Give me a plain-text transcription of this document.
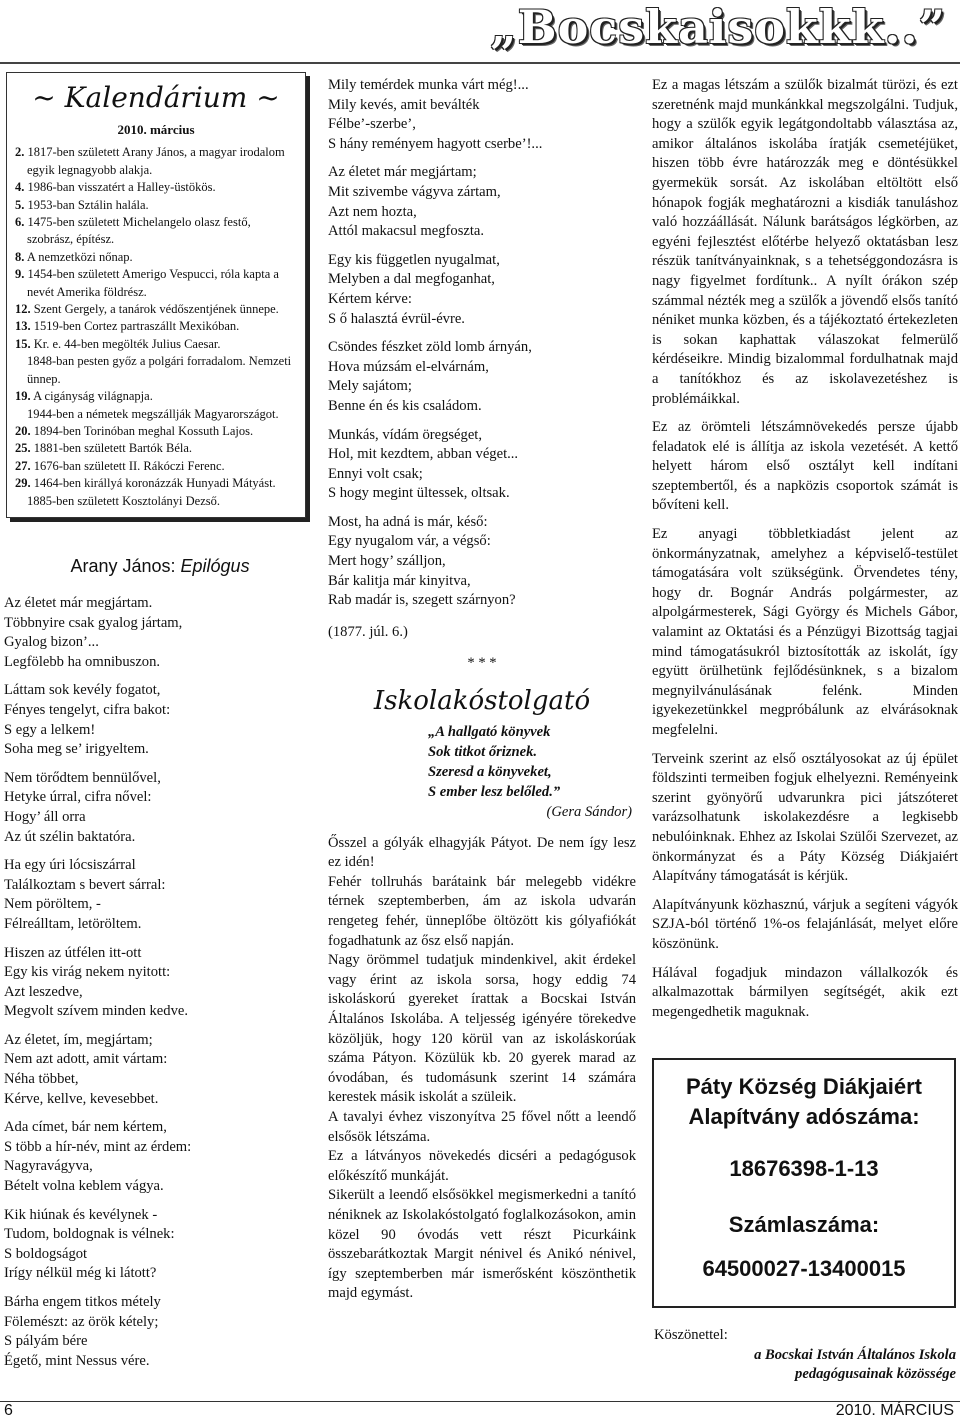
„Bocskaisokkk..”
~ Kalendárium ~
2010. március

2. 1817-ben született Arany János, a magyar irodalom egyik legnagyobb alakja.

4. 1986-ban visszatért a Halley-üstökös.

5. 1953-ban Sztálin halála.

6. 1475-ben született Michelangelo olasz festő, szobrász, építész.

8. A nemzetközi nőnap.

9. 1454-ben született Amerigo Vespucci, róla kapta a nevét Amerika földrész.

12. Szent Gergely, a tanárok védőszentjének ünnepe.

13. 1519-ben Cortez partraszállt Mexikóban.

15. Kr. e. 44-ben megölték Julius Caesar.

1848-ban pesten győz a polgári forradalom. Nemzeti ünnep.

19. A cigányság világnapja.

1944-ben a németek megszállják Magyarországot.

20. 1894-ben Torinóban meghal Kossuth Lajos.

25. 1881-ben született Bartók Béla.

27. 1676-ban született II. Rákóczi Ferenc.

29. 1464-ben királlyá koronázzák Hunyadi Mátyást.

1885-ben született Kosztolányi Dezső.

Arany János: Epilógus

Az életet már megjártam.
Többnyire csak gyalog jártam,
Gyalog bizon’...
Legfölebb ha omnibuszon.

Láttam sok kevély fogatot,
Fényes tengelyt, cifra bakot:
S egy a lelkem!
Soha meg se’ irigyeltem.

Nem törődtem bennülővel,
Hetyke úrral, cifra nővel:
Hogy’ áll orra
Az út szélin baktatóra.

Ha egy úri lócsiszárral
Találkoztam s bevert sárral:
Nem pöröltem, -
Félreálltam, letöröltem.

Hiszen az útfélen itt-ott
Egy kis virág nekem nyitott:
Azt leszedve,
Megvolt szívem minden kedve.

Az életet, ím, megjártam;
Nem azt adott, amit vártam:
Néha többet,
Kérve, kellve, kevesebbet.

Ada címet, bár nem kértem,
S több a hír-név, mint az érdem:
Nagyravágyva,
Bételt volna keblem vágya.

Kik hiúnak és kevélynek -
Tudom, boldognak is vélnek:
S boldogságot
Irígy nélkül még ki látott?

Bárha engem titkos métely
Fölemészt: az örök kétely;
S pályám bére
Égető, mint Nessus vére.

Mily temérdek munka várt még!...
Mily kevés, amit beválték
Félbe’-szerbe’,
S hány reményem hagyott cserbe’!...

Az életet már megjártam;
Mit szivembe vágyva zártam,
Azt nem hozta,
Attól makacsul megfoszta.

Egy kis független nyugalmat,
Melyben a dal megfoganhat,
Kértem kérve:
S ő halasztá évrül-évre.

Csöndes fészket zöld lomb árnyán,
Hova múzsám el-elvárnám,
Mely sajátom;
Benne én és kis családom.

Munkás, vídám öregséget,
Hol, mit kezdtem, abban véget...
Ennyi volt csak;
S hogy megint ültessek, oltsak.

Most, ha adná is már, késő:
Egy nyugalom vár, a végső:
Mert hogy’ szálljon,
Bár kalitja már kinyitva,
Rab madár is, szegett szárnyon?

(1877. júl. 6.)

* * *
Iskolakóstolgató
„A hallgató könyvek
Sok titkot őriznek.
Szeresd a könyveket,
S ember lesz belőled.”
(Gera Sándor)

Ősszel a gólyák elhagyják Pátyot. De nem így lesz ez idén!

Fehér tollruhás barátaink bár melegebb vidékre térnek szeptemberben, ám az iskola udvarán rengeteg fehér, ünneplőbe öltözött kis gólyafiókát fogadhatunk az ősz első napján.

Nagy örömmel tudatjuk mindenkivel, akit érdekel vagy érint az iskola sorsa, hogy eddig 74 iskoláskorú gyereket írattak a Bocskai István Általános Iskolába. A teljesség igényére törekedve közöljük, hogy 120 körül van az iskoláskorúak száma Pátyon. Közülük kb. 20 gyerek marad az óvodában, és tudomásunk szerint 14 számára kerestek másik iskolát a szüleik.

A tavalyi évhez viszonyítva 25 fővel nőtt a leendő elsősök létszáma.

Ez a látványos növekedés dicséri a pedagógusok előkészítő munkáját.

Sikerült a leendő elsősökkel megismerkedni a tanító néniknek az Iskolakóstolgató foglalkozásokon, amin közel 90 óvodás vett részt Picurkáink összebarátkoztak Margit nénivel és Anikó nénivel, így szeptemberben már ismerősként köszönthetik majd egymást.

Ez a magas létszám a szülők bizalmát türözi, és ezt szeretnénk majd munkánkkal megszolgálni. Tudjuk, hogy a szülők egyik legátgondoltabb választása az, amikor általános iskolába íratják csemetéjüket, hiszen több évre határozzák meg e döntésükkel gyermekük sorsát. Az iskolában eltöltött első hónapok fogják meghatározni a kisdiák tanuláshoz való hozzáállását. Nálunk barátságos légkörben, az egyéni fejlesztést előtérbe helyező oktatásban lesz részük tanítványainknak, s a tehetséggondozásra is nagy figyelmet fordítunk.. A nyílt órákon szép számmal nézték meg a szülők a jövendő elsős tanító néniket munka közben, és a tájékoztató értekezleten is sokan kaphattak válaszokat felmerülő kérdéseikre. Mindig bizalommal fordulhatnak majd a tanítókhoz és az iskolavezetéshez is problémáikkal.

Ez az örömteli létszámnövekedés persze újabb feladatok elé is állítja az iskola vezetését. A kettő helyett három első osztályt kell indítani szeptembertől, és a napközis csoportok számát is bővíteni kell.

Ez anyagi többletkiadást jelent az önkormányzatnak, amelyhez a képviselő-testület támogatására volt szükségünk. Örvendetes tény, hogy dr. Bognár András polgármester, az alpolgármesterek, Sági György és Michels Gábor, valamint az Oktatási és a Pénzügyi Bizottság tagjai mind támogatásukról biztosították az iskolát, így együtt örülhetünk fejlődésünknek, s a bizalom megnyilvánulásának felénk. Minden igyekezetünkkel megpróbálunk az elvárásoknak megfelelni.

Terveink szerint az első osztályosokat az új épület földszinti termeiben fogjuk elhelyezni. Reményeink szerint gyönyörű udvarunkra pici játszóteret varázsolhatunk iskolakezdésre a legkisebb nebulóinknak. Ehhez az Iskolai Szülői Szervezet, az önkormányzat és a Páty Község Diákjaiért Alapítvány támogatását is kérjük.

Alapítványunk közhasznú, várjuk a segíteni vágyók SZJA-ból történő 1%-os felajánlását, melyet előre köszönünk.

Hálával fogadjuk mindazon vállalkozók és alkalmazottak bármilyen segítségét, akik ezt megengedhetik maguknak.

Páty Község Diákjaiért
Alapítvány adószáma:
18676398-1-13
Számlaszáma:
64500027-13400015
Köszönettel:
a Bocskai István Általános Iskola
pedagógusainak közössége
6	2010. MÁRCIUS
